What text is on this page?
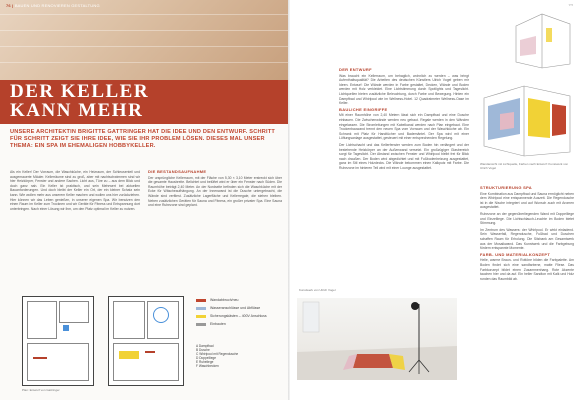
76 | BAUEN UND RENOVIEREN GESTALTUNG
DER KELLER
KANN MEHR
UNSERE ARCHITEKTIN BRIGITTE GATTRINGER HAT DIE IDEE UND DEN ENTWURF. SCHRITT FÜR SCHRITT ZEIGT SIE IHRE IDEE, WIE SIE IHR PROBLEM LÖSEN. DIESES MAL UNSER THEMA: EIN SPA IM EHEMALIGEN HOBBYKELLER.

Als ein Keller! Der Vorraum, die Waschküche, ein Heizraum, der Schleusenteil und ausgemauerte Mäuler. Kellerräume sind zu groß, aber mit nachtschwimmen sind wir hier Heizkörper, Fenster und andere Sachen. Licht aus, Türe zu – aus dem Blick und doch ganz nah. Ein Keller ist praktisch, und sein Mehrwert bei aktuellen Bauanforderungen. Und doch bleibt der Keller ein Ort, der ein kleiner Schatz sein kann. Wie wollen mehr aus unserem Keller machen und wollen uns hier zurückziehen. Hier können wir das Leben genießen, in unserer eigenen Spa. Wir benutzen den einen Raum im Keller zum Trocknen und wir Geräte für Fitness und Entspannung dort unterbringen. Nach einer Lösung wir ihm, um den Platz optimal im Keller zu nutzen.

DIE BESTANDSAUFNAHME

Der ursprüngliche Kellerraum, mit der Fläche von 5,30 × 3,10 Meter erstreckt sich über die gesamte Hausbreite. Belichtet und belüftet wird er über ein Fenster nach Süden. Die Raumhöhe beträgt 2,40 Meter. An der Nordseite befinden sich die Waschküche mit der Ecke für Wäscheaufhängung. An der Innenwand ist die Dusche untergebracht, die Wände sind verfliest. Zusätzliche Lagerfläche und Kellerregale, die stehen bleiben. Neben zusätzlichen Geräten für Sauna und Fitness, ein großer privater Spa. Eine Sauna und eine Ruhezone sind geplant.

Wandabbruch/neu
Wasseranschlüsse und Abflüsse
Sicherungskästen – 400V Anschluss
Einbauten
A Dampfbad
B Dusche
C Whirlpool mit Regendusche
D Doppelliege
E Ruheliege
F Waschbecken
Plan: Entwurf von Gattringer
DER ENTWURF

Was braucht ein Kellerraum, um behaglich, wohnlich zu werden – was bringt Aufenthaltsqualität? Die Arbeiten des deutschen Künstlers Ulrich Vogel geben mir Ideen. Entwurf: Die Wände werden in Farbe gestaltet, Decken, Wände und Boden werden mit Holz verkleidet. Eine Lichtstimmung durch Spotlights und Tageslicht. Lichtquellen bieten zusätzliche Beleuchtung, durch Farbe und Bewegung. Hinten ein Dampfbad und Whirlpool wie im Wellness-Hotel. 12 Quadratmeter Wellness-Oase im Keller.

BAULICHE EINGRIFFE

Mit einer Raumhöhe von 2,40 Metern lässt sich ein Dampfbad und eine Dusche einbauen. Die Zwischenwände werden neu gebaut. Regale werden in den Wänden eingelassen. Die Stromleitungen mit Kabelkanal werden nach Plan eingebaut. Eine Trockenbauwand trennt den neuen Spa vom Vorraum und der Waschküche ab. Ein Schrank mit Platz für Handtücher und Bademäntel. Der Spa wird mit einer Lüftungsanlage ausgestattet, gesteuert mit einer entsprechenden Regelung.

Der Lichtschacht und das Kellerfenster werden zum Boden hin verlängert und der bestehende Heizkörper an der Außenwand versetzt. Ein großzügiger Glasbereich sorgt für Tageslicht. Der Abstand zwischen Fenster und Whirlpool bleibt frei für Blick nach draußen. Der Boden wird abgedichtet und mit Fußbodenheizung ausgestattet, ganz im Stil eines Holzdecks. Die Wände bekommen einen Kalkputz mit Farbe. Die Ruhezone im hinteren Teil wird mit einer Lounge ausgestattet.

Wandansicht mit Lichtquelle, Farben nach Entwurf: Kunstwerk von Ulrich Vogel
STRUKTURIERUNG SPA

Eine Kombination aus Dampfbad und Sauna ermöglicht neben dem Whirlpool eine entspannende Auszeit. Die Regendusche ist in die Nische integriert und auf Wunsch auch mit Aromen ausgestattet.

Ruhezone an der gegenüberliegenden Wand mit Doppelliege und Einzelliege. Die Lichtschlauch-Leuchte im Boden bietet Stimmung.

Im Zentrum des Wassers: der Whirlpool. Er wirkt einladend. Sein Wasserfall, Regendusche, Fußbad und Duschen schaffen Raum für Erholung. Die Sitzbank am Gesamtwerk aus der Mosaikwand. Das Kunstwerk und die Farbgebung fördern entspannte Momente.

FARB- UND MATERIALKONZEPT

Helle, warme Braun- und Rottöne bilden die Farbpalette. Am Boden findet sich eine sandfarbene, matte Fliese. Das Farbkonzept bildet einen Zusammenhang. Rote Akzente tauchen hier und da auf. Ein heller Sandton mit Kalk und Holz runden das Raumbild ab.

Kunstwerk von Ulrich Vogel
